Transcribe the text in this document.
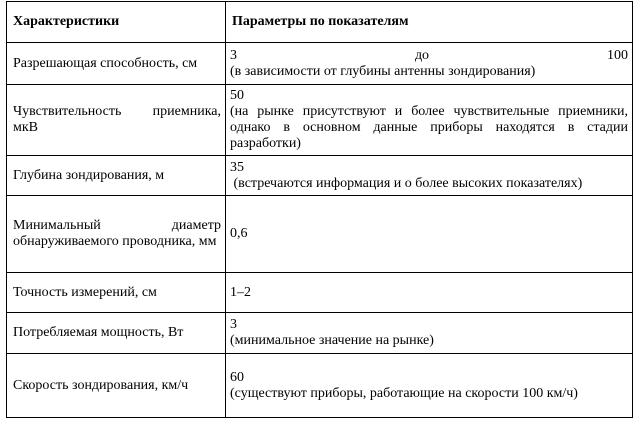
Характеристики	Параметры по показателям
Разрешающая способность, см	3 до 100
(в зависимости от глубины антенны зондирования)

Чувствительность приемника, мкВ	50
(на рынке присутствуют и более чувствительные приемники, однако в основном данные приборы находятся в стадии разработки)

Глубина зондирования, м	35
(встречаются информация и о более высоких показателях)

Минимальный диаметр обнаруживаемого проводника, мм	0,6
Точность измерений, см	1–2
Потребляемая мощность, Вт	3
(минимальное значение на рынке)

Скорость зондирования, км/ч	60
(существуют приборы, работающие на скорости 100 км/ч)
